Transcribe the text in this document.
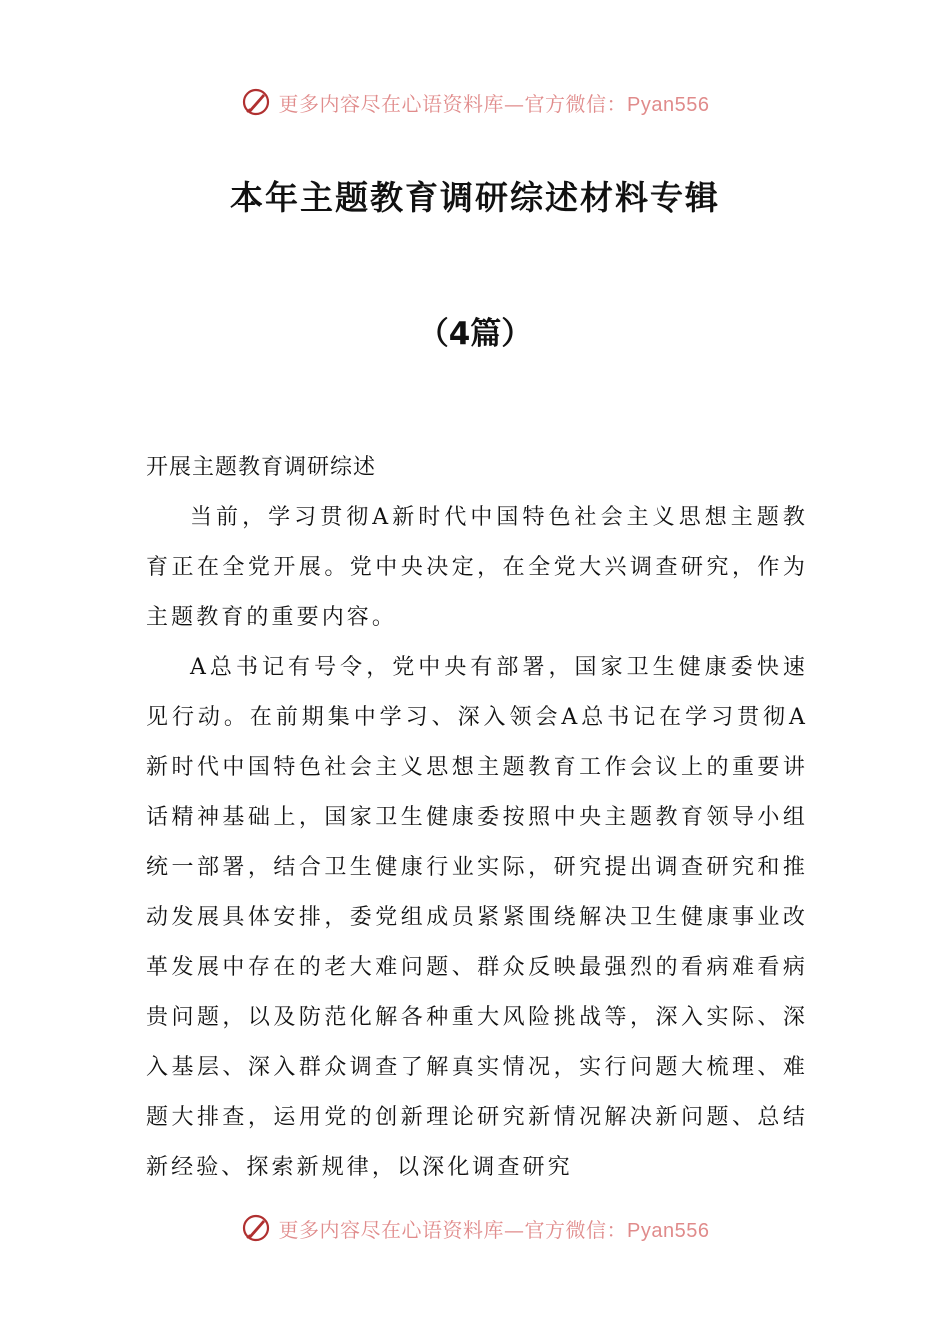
更多内容尽在心语资料库—官方微信：Pyan556
本年主题教育调研综述材料专辑
（4篇）

开展主题教育调研综述

当前，学习贯彻A新时代中国特色社会主义思想主题教育正在全党开展。党中央决定，在全党大兴调查研究，作为主题教育的重要内容。

A总书记有号令，党中央有部署，国家卫生健康委快速见行动。在前期集中学习、深入领会A总书记在学习贯彻A新时代中国特色社会主义思想主题教育工作会议上的重要讲话精神基础上，国家卫生健康委按照中央主题教育领导小组统一部署，结合卫生健康行业实际，研究提出调查研究和推动发展具体安排，委党组成员紧紧围绕解决卫生健康事业改革发展中存在的老大难问题、群众反映最强烈的看病难看病贵问题，以及防范化解各种重大风险挑战等，深入实际、深入基层、深入群众调查了解真实情况，实行问题大梳理、难题大排查，运用党的创新理论研究新情况解决新问题、总结新经验、探索新规律，以深化调查研究

更多内容尽在心语资料库—官方微信：Pyan556
